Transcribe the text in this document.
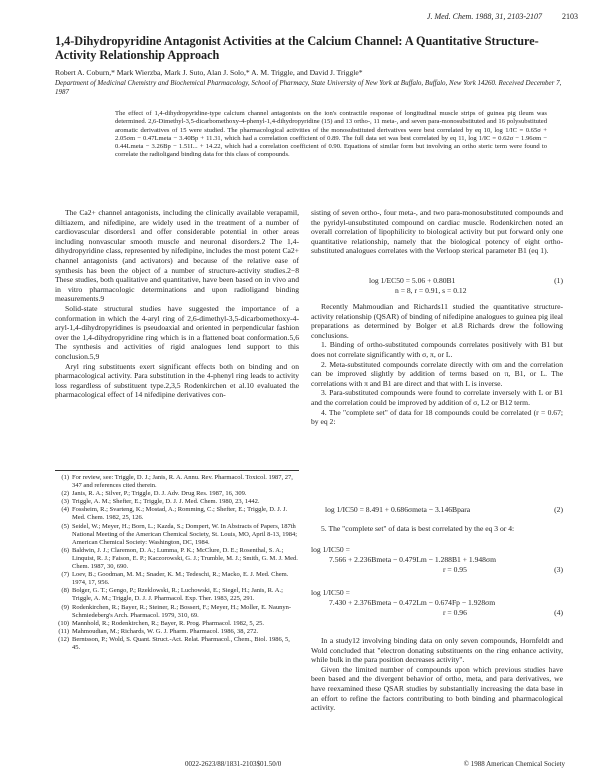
J. Med. Chem. 1988, 31, 2103-2107	2103
1,4-Dihydropyridine Antagonist Activities at the Calcium Channel: A Quantitative Structure-Activity Relationship Approach
Robert A. Coburn,* Mark Wierzba, Mark J. Suto, Alan J. Solo,* A. M. Triggle, and David J. Triggle*
Department of Medicinal Chemistry and Biochemical Pharmacology, School of Pharmacy, State University of New York at Buffalo, Buffalo, New York 14260. Received December 7, 1987
The effect of 1,4-dihydropyridine-type calcium channel antagonists on the ion's contractile response of longitudinal muscle strips of guinea pig ileum was determined. 2,6-Dimethyl-3,5-dicarbomethoxy-4-phenyl-1,4-dihydropyridine (15) and 13 ortho-, 11 meta-, and seven para-monosubstituted and 16 polysubstituted aromatic derivatives of 15 were studied. The pharmacological activities of the monosubstituted derivatives were best correlated by eq 10, log 1/IC = 0.65σ + 2.05σm − 0.47Lmeta − 3.40Bp + 11.31, which had a correlation coefficient of 0.89. The full data set was best correlated by eq 11, log 1/IC = 0.62σ − 1.96σm − 0.44Lmeta − 3.26Bp − 1.51I... + 14.22, which had a correlation coefficient of 0.90. Equations of similar form but involving an ortho steric term were found to correlate the radioligand binding data for this class of compounds.

The Ca2+ channel antagonists, including the clinically available verapamil, diltiazem, and nifedipine, are widely used in the treatment of a number of cardiovascular disorders1 and offer considerable potential in other areas including nonvascular smooth muscle and neuronal disorders.2 The 1,4-dihydropyridine class, represented by nifedipine, includes the most potent Ca2+ channel antagonists (and activators) and because of the relative ease of synthesis has been the object of a number of structure-activity studies.2−8 These studies, both qualitative and quantitative, have been based on in vivo and in vitro pharmacologic determinations and upon radioligand binding measurements.9

Solid-state structural studies have suggested the importance of a conformation in which the 4-aryl ring of 2,6-dimethyl-3,5-dicarbomethoxy-4-aryl-1,4-dihydropyridines is pseudoaxial and oriented in perpendicular fashion over the 1,4-dihydropyridine ring which is in a flattened boat conformation.5,6 The synthesis and activities of rigid analogues lend support to this conclusion.5,9

Aryl ring substituents exert significant effects both on binding and on pharmacological activity. Para substitution in the 4-phenyl ring leads to activity loss regardless of substituent type.2,3,5 Rodenkirchen et al.10 evaluated the pharmacological effect of 14 nifedipine derivatives con-

(1) For review, see: Triggle, D. J.; Janis, R. A. Annu. Rev. Pharmacol. Toxicol. 1987, 27, 347 and references cited therein.
(2) Janis, R. A.; Silver, P.; Triggle, D. J. Adv. Drug Res. 1987, 16, 309.
(3) Triggle, A. M.; Shefter, E.; Triggle, D. J. J. Med. Chem. 1980, 23, 1442.
(4) Fossheim, R.; Svarteng, K.; Mostad, A.; Romming, C.; Shefter, E.; Triggle, D. J. J. Med. Chem. 1982, 25, 126.
(5) Seidel, W.; Meyer, H.; Born, L.; Kazda, S.; Dompert, W. In Abstracts of Papers, 187th National Meeting of the American Chemical Society, St. Louis, MO, April 8-13, 1984; American Chemical Society: Washington, DC, 1984.
(6) Baldwin, J. J.; Claremon, D. A.; Lumma, P. K.; McClure, D. E.; Rosenthal, S. A.; Linquist, R. J.; Faison, E. P.; Kaczorowski, G. J.; Trumble, M. J.; Smith, G. M. J. Med. Chem. 1987, 30, 690.
(7) Loev, B.; Goodman, M. M.; Snader, K. M.; Tedeschi, R.; Macko, E. J. Med. Chem. 1974, 17, 956.
(8) Bolger, G. T.; Gengo, P.; Rzeklowski, R.; Luchowski, E.; Siegel, H.; Janis, R. A.; Triggle, A. M.; Triggle, D. J. J. Pharmacol. Exp. Ther. 1983, 225, 291.
(9) Rodenkirchen, R.; Bayer, R.; Steiner, R.; Bossert, F.; Meyer, H.; Moller, E. Naunyn-Schmiedeberg's Arch. Pharmacol. 1979, 310, 69.
(10) Mannhold, R.; Rodenkirchen, R.; Bayer, R. Prog. Pharmacol. 1982, 5, 25.
(11) Mahmoudian, M.; Richards, W. G. J. Pharm. Pharmacol. 1986, 38, 272.
(12) Berntsson, P.; Wold, S. Quant. Struct.-Act. Relat. Pharmacol., Chem., Biol. 1986, 5, 45.

sisting of seven ortho-, four meta-, and two para-monosubstituted compounds and the pyridyl-unsubstituted compound on cardiac muscle. Rodenkirchen noted an overall correlation of lipophilicity to biological activity but put forward only one quantitative relationship, namely that the biological potency of eight ortho-substituted analogues correlates with the Verloop sterical parameter B1 (eq 1).

log 1/EC50 = 5.06 + 0.80B1	(1)
n = 8, r = 0.91, s = 0.12

Recently Mahmoudian and Richards11 studied the quantitative structure-activity relationship (QSAR) of binding of nifedipine analogues to guinea pig ileal preparations as determined by Bolger et al.8 Richards drew the following conclusions.

1. Binding of ortho-substituted compounds correlates positively with B1 but does not correlate significantly with σ, π, or L.

2. Meta-substituted compounds correlate directly with σm and the correlation can be improved slightly by addition of terms based on π, B1, or L. The correlations with π and B1 are direct and that with L is inverse.

3. Para-substituted compounds were found to correlate inversely with L or B1 and the correlation could be improved by addition of σ, L2 or B12 term.

4. The "complete set" of data for 18 compounds could be correlated (r = 0.67; by eq 2:

log 1/IC50 = 8.491 + 0.686σmeta − 3.146Bpara	(2)

5. The "complete set" of data is best correlated by the eq 3 or 4:

log 1/IC50 =
7.566 + 2.236Bmeta − 0.479Lm − 1.288B1 + 1.948σm
r = 0.95	(3)
log 1/IC50 =
7.430 + 2.376Bmeta − 0.472Lm − 0.674Fp − 1.928σm
r = 0.96	(4)

In a study12 involving binding data on only seven compounds, Hornfeldt and Wold concluded that "electron donating substituents on the ring enhance activity, while bulk in the para position decreases activity".

Given the limited number of compounds upon which previous studies have been based and the divergent behavior of ortho, meta, and para derivatives, we have reexamined these QSAR studies by substantially increasing the data base in an effort to refine the factors contributing to both binding and pharmacological activity.

0022-2623/88/1831-2103$01.50/0	© 1988 American Chemical Society
